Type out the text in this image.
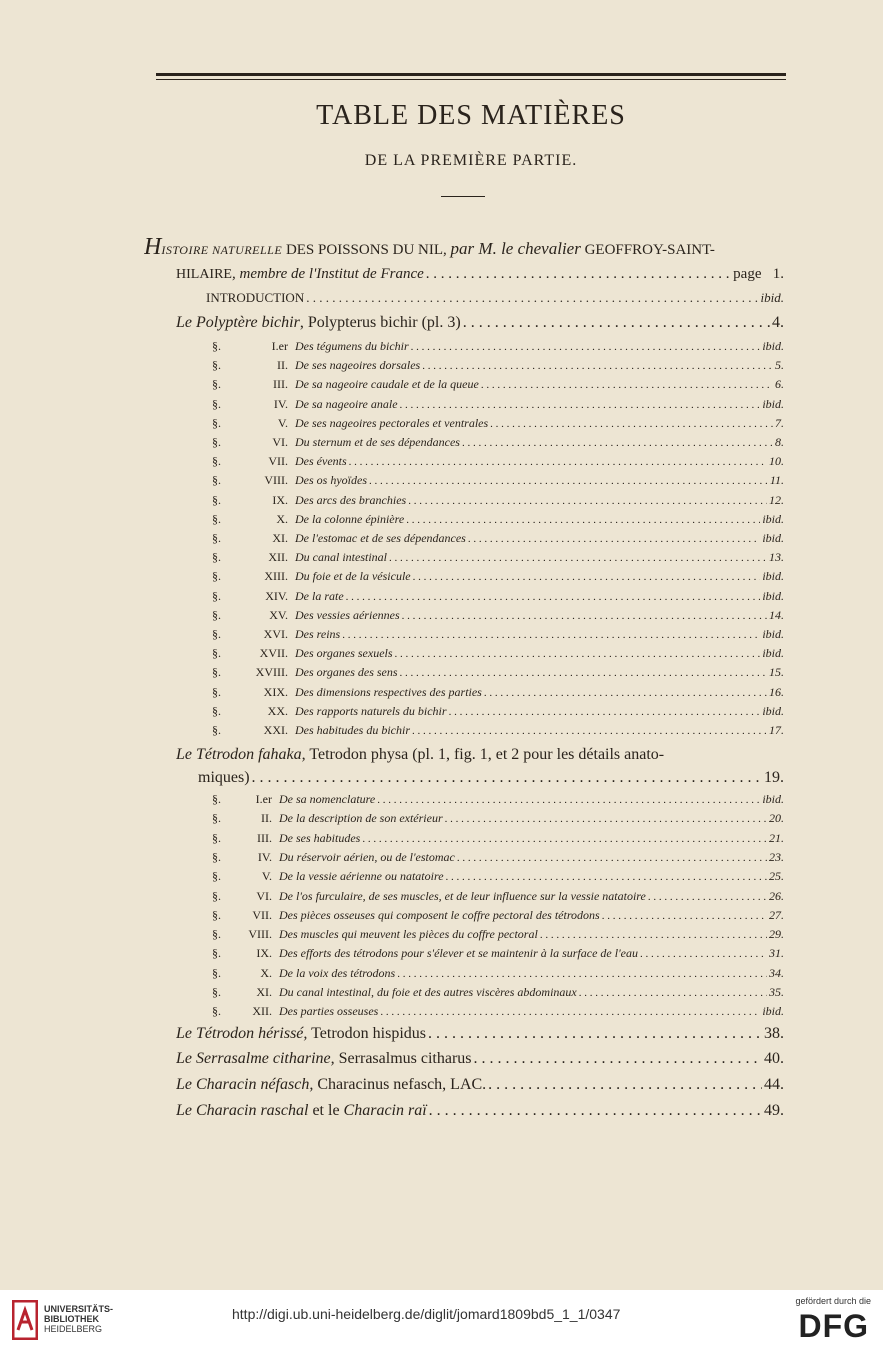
TABLE DES MATIÈRES
DE LA PREMIÈRE PARTIE.
HISTOIRE NATURELLE DES POISSONS DU NIL, par M. le chevalier GEOFFROY-SAINT-
HILAIRE, membre de l'Institut de France . . .	page 1.
INTRODUCTION . . .	ibid.
Le Polyptère bichir, Polypterus bichir (pl. 3) . . .	4.
§.	I.er Des tégumens du bichir . . .	ibid.
§.	II. De ses nageoires dorsales . . .	5.
§.	III. De sa nageoire caudale et de la queue . . .	6.
§.	IV. De sa nageoire anale . . .	ibid.
§.	V. De ses nageoires pectorales et ventrales . . .	7.
§.	VI. Du sternum et de ses dépendances . . .	8.
§.	VII. Des évents . . .	10.
§.	VIII. Des os hyoïdes . . .	11.
§.	IX. Des arcs des branchies . . .	12.
§.	X. De la colonne épinière . . .	ibid.
§.	XI. De l'estomac et de ses dépendances . . .	ibid.
§.	XII. Du canal intestinal . . .	13.
§.	XIII. Du foie et de la vésicule . . .	ibid.
§.	XIV. De la rate . . .	ibid.
§.	XV. Des vessies aériennes . . .	14.
§.	XVI. Des reins . . .	ibid.
§.	XVII. Des organes sexuels . . .	ibid.
§.	XVIII. Des organes des sens . . .	15.
§.	XIX. Des dimensions respectives des parties . . .	16.
§.	XX. Des rapports naturels du bichir . . .	ibid.
§.	XXI. Des habitudes du bichir . . .	17.
Le Tétrodon fahaka, Tetrodon physa (pl. 1, fig. 1, et 2 pour les détails anato-
miques) . . .	19.
§.	I.er De sa nomenclature . . .	ibid.
§.	II. De la description de son extérieur . . .	20.
§.	III. De ses habitudes . . .	21.
§.	IV. Du réservoir aérien, ou de l'estomac . . .	23.
§.	V. De la vessie aérienne ou natatoire . . .	25.
§.	VI. De l'os furculaire, de ses muscles, et de leur influence sur la vessie natatoire . . .	26.
§.	VII. Des pièces osseuses qui composent le coffre pectoral des tétrodons . . .	27.
§.	VIII. Des muscles qui meuvent les pièces du coffre pectoral . . .	29.
§.	IX. Des efforts des tétrodons pour s'élever et se maintenir à la surface de l'eau . . .	31.
§.	X. De la voix des tétrodons . . .	34.
§.	XI. Du canal intestinal, du foie et des autres viscères abdominaux . . .	35.
§.	XII. Des parties osseuses . . .	ibid.
Le Tétrodon hérissé, Tetrodon hispidus . . .	38.
Le Serrasalme citharine, Serrasalmus citharus . . .	40.
Le Characin néfasch, Characinus nefasch, LAC. . . .	44.
Le Characin raschal et le Characin raï . . .	49.
UNIVERSITÄTS-
BIBLIOTHEK
HEIDELBERG
http://digi.ub.uni-heidelberg.de/diglit/jomard1809bd5_1_1/0347
gefördert durch die
DFG
